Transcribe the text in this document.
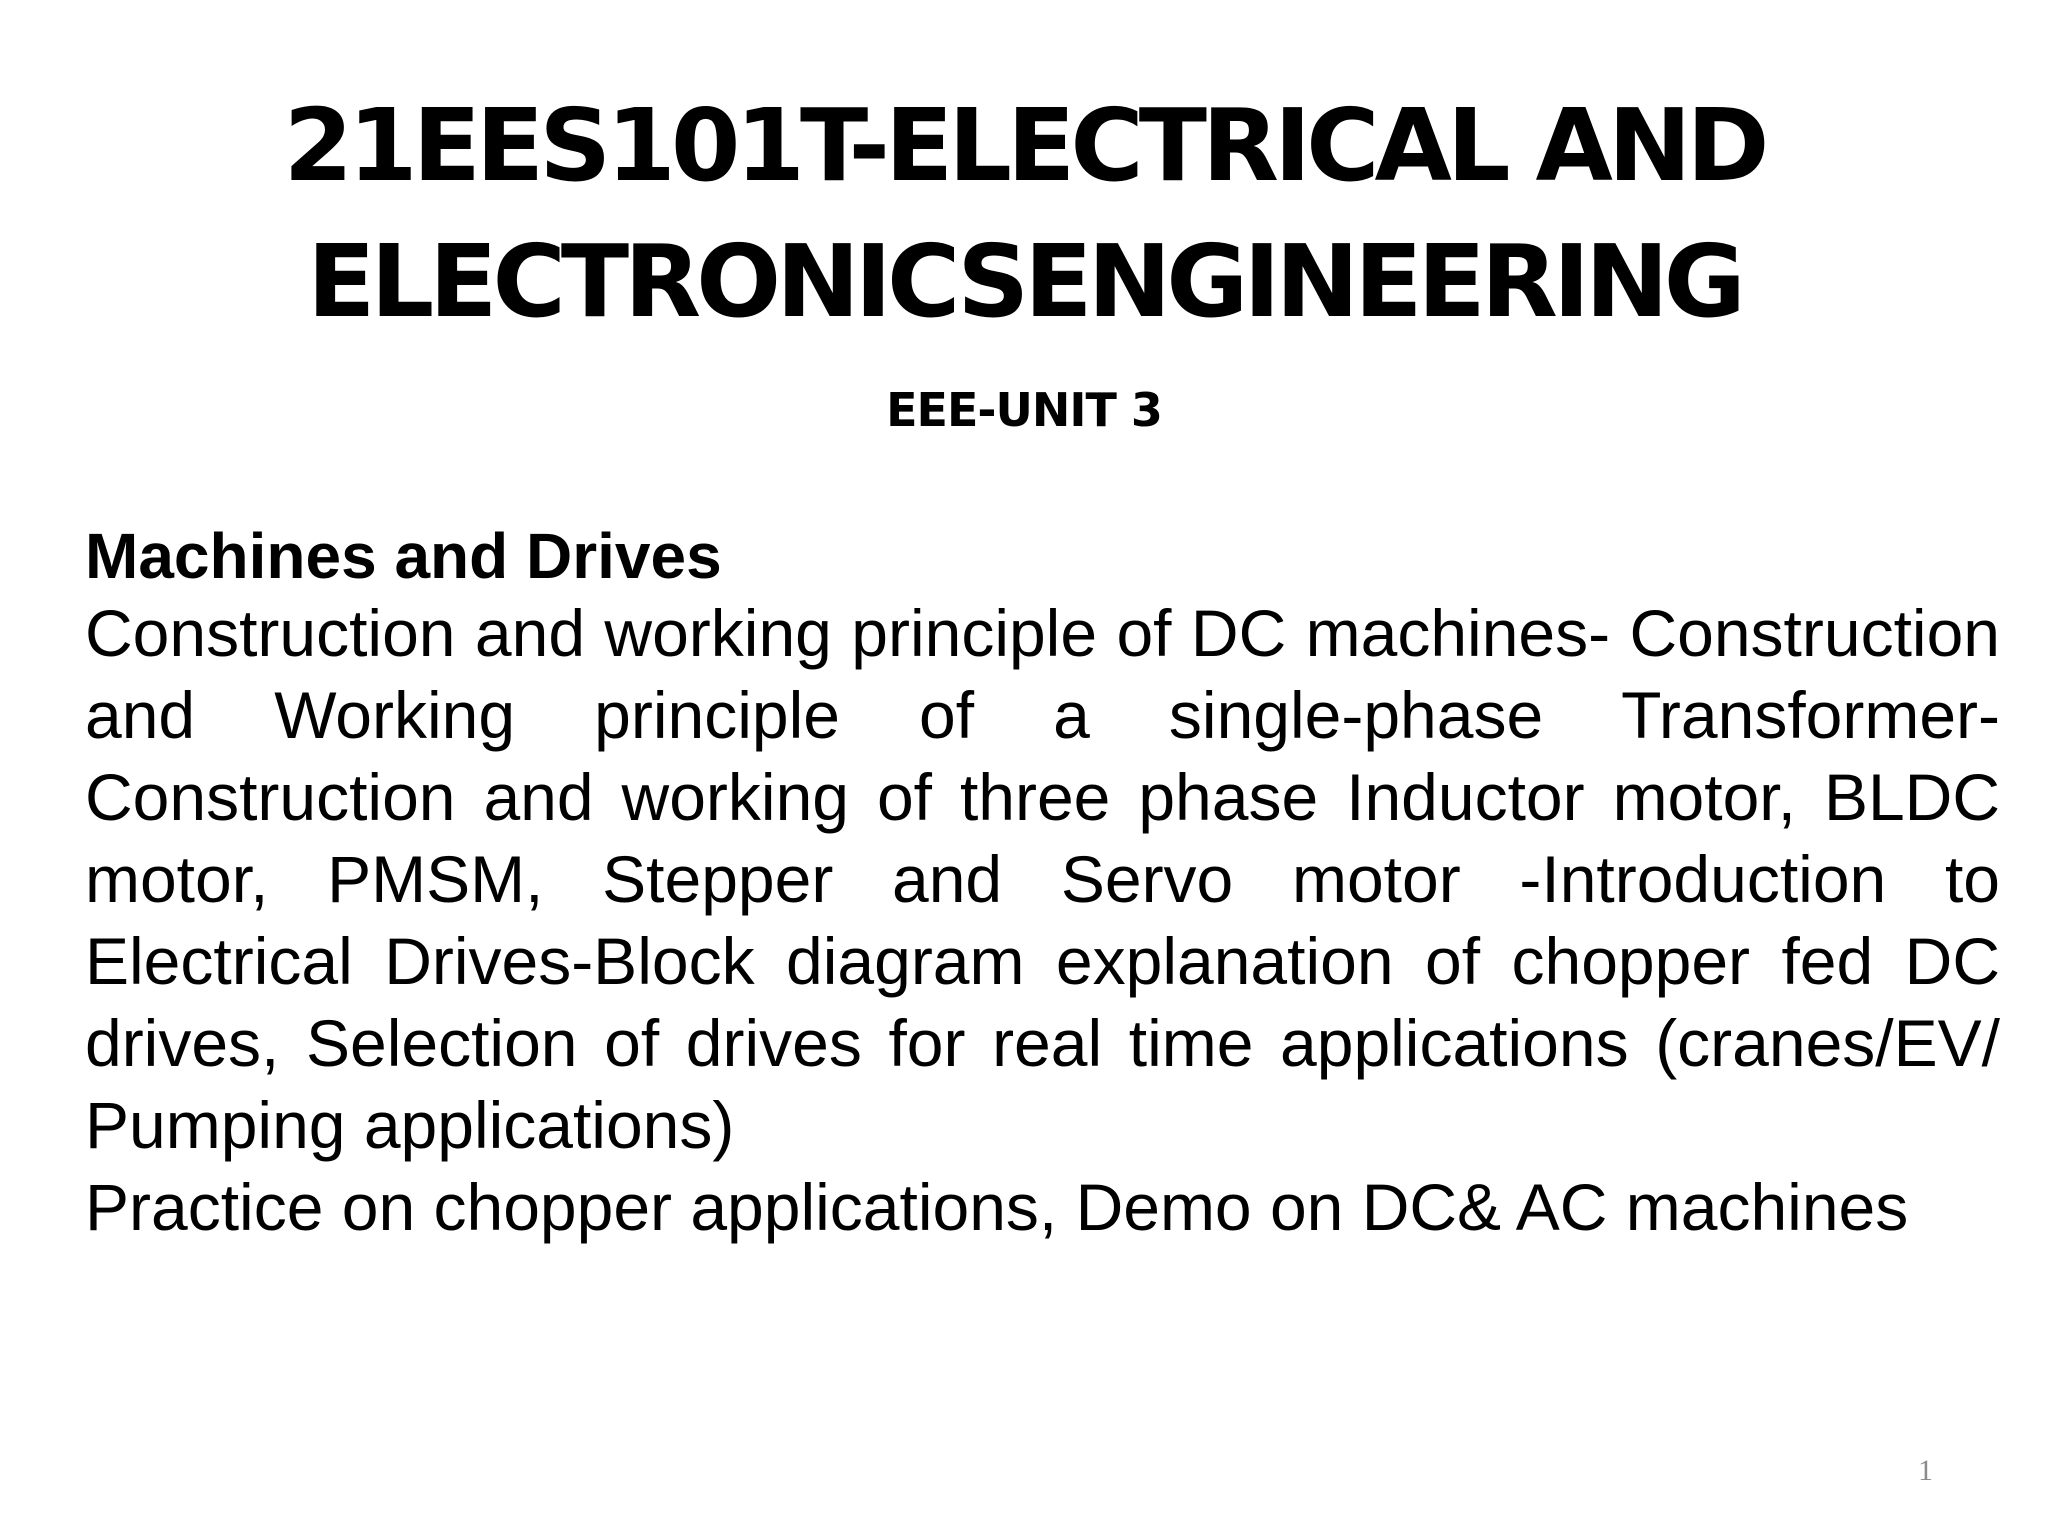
21EES101T-ELECTRICAL AND
ELECTRONICSENGINEERING
EEE-UNIT 3
Machines and Drives
Construction and working principle of DC machines- Construction and Working principle of a single-phase Transformer- Construction and working of three phase Inductor motor, BLDC motor, PMSM, Stepper and Servo motor -Introduction to Electrical Drives-Block diagram explanation of chopper fed DC drives, Selection of drives for real time applications (cranes/EV/ Pumping applications)
Practice on chopper applications, Demo on DC& AC machines
1
